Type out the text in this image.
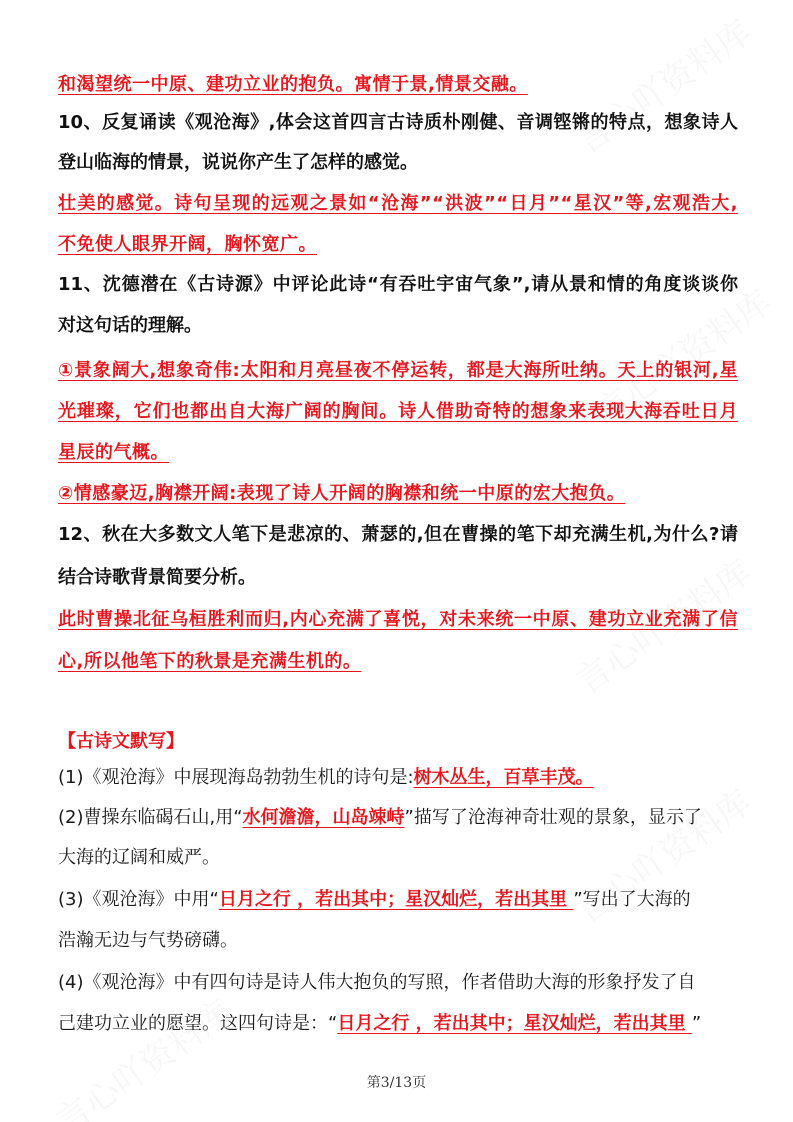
和渴望统一中原、建功立业的抱负。寓情于景,情景交融。
10、反复诵读《观沧海》,体会这首四言古诗质朴刚健、音调铿锵的特点，想象诗人
登山临海的情景，说说你产生了怎样的感觉。
壮美的感觉。诗句呈现的远观之景如“沧海”“洪波”“日月”“星汉”等,宏观浩大,
不免使人眼界开阔，胸怀宽广。
11、沈德潜在《古诗源》中评论此诗“有吞吐宇宙气象”,请从景和情的角度谈谈你
对这句话的理解。
①景象阔大,想象奇伟:太阳和月亮昼夜不停运转，都是大海所吐纳。天上的银河,星
光璀璨，它们也都出自大海广阔的胸间。诗人借助奇特的想象来表现大海吞吐日月
星辰的气概。
②情感豪迈,胸襟开阔:表现了诗人开阔的胸襟和统一中原的宏大抱负。
12、秋在大多数文人笔下是悲凉的、萧瑟的,但在曹操的笔下却充满生机,为什么?请
结合诗歌背景简要分析。
此时曹操北征乌桓胜利而归,内心充满了喜悦，对未来统一中原、建功立业充满了信
心,所以他笔下的秋景是充满生机的。
【古诗文默写】
(1)《观沧海》中展现海岛勃勃生机的诗句是:树木丛生，百草丰茂。
(2)曹操东临碣石山,用“水何澹澹，山岛竦峙”描写了沧海神奇壮观的景象，显示了
大海的辽阔和威严。
(3)《观沧海》中用“日月之行 ，若出其中；星汉灿烂，若出其里 ”写出了大海的
浩瀚无边与气势磅礴。
(4)《观沧海》中有四句诗是诗人伟大抱负的写照，作者借助大海的形象抒发了自
己建功立业的愿望。这四句诗是：“日月之行 ，若出其中；星汉灿烂，若出其里 ”
第3/13页
